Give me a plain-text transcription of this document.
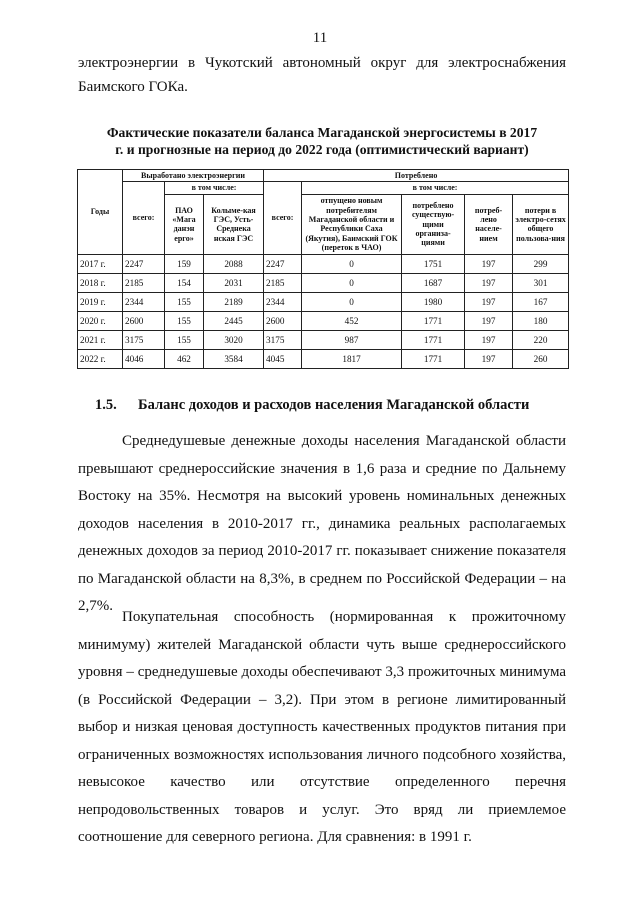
11

электроэнергии в Чукотский автономный округ для электроснабжения

Баимского ГОКа.
Фактические показатели баланса Магаданской энергосистемы в 2017
г. и прогнозные на период до 2022 года (оптимистический вариант)
Годы	Выработано электроэнергии			Потреблено				
	всего:	в том числе:		всего:	в том числе:			
		ПАО «Мага данэн ерго»	Колыме-кая ГЭС, Усть-Среднека нская ГЭС		отпущено новым потребителям Магаданской области и Республики Саха (Якутия), Баимский ГОК (переток в ЧАО)	потреблено существую-щими организа-циями	потреб-лено населе-нием	потери в электро-сетях общего пользова-ния
2017 г.	2247	159	2088	2247	0	1751	197	299
2018 г.	2185	154	2031	2185	0	1687	197	301
2019 г.	2344	155	2189	2344	0	1980	197	167
2020 г.	2600	155	2445	2600	452	1771	197	180
2021 г.	3175	155	3020	3175	987	1771	197	220
2022 г.	4046	462	3584	4045	1817	1771	197	260
1.5. Баланс доходов и расходов населения Магаданской области

Среднедушевые денежные доходы населения Магаданской области превышают среднероссийские значения в 1,6 раза и средние по Дальнему Востоку на 35%. Несмотря на высокий уровень номинальных денежных доходов населения в 2010-2017 гг., динамика реальных располагаемых денежных доходов за период 2010-2017 гг. показывает снижение показателя по Магаданской области на 8,3%, в среднем по Российской Федерации – на 2,7%.

Покупательная способность (нормированная к прожиточному минимуму) жителей Магаданской области чуть выше среднероссийского уровня – среднедушевые доходы обеспечивают 3,3 прожиточных минимума (в Российской Федерации – 3,2). При этом в регионе лимитированный выбор и низкая ценовая доступность качественных продуктов питания при ограниченных возможностях использования личного подсобного хозяйства, невысокое качество или отсутствие определенного перечня непродовольственных товаров и услуг. Это вряд ли приемлемое соотношение для северного региона. Для сравнения: в 1991 г.
